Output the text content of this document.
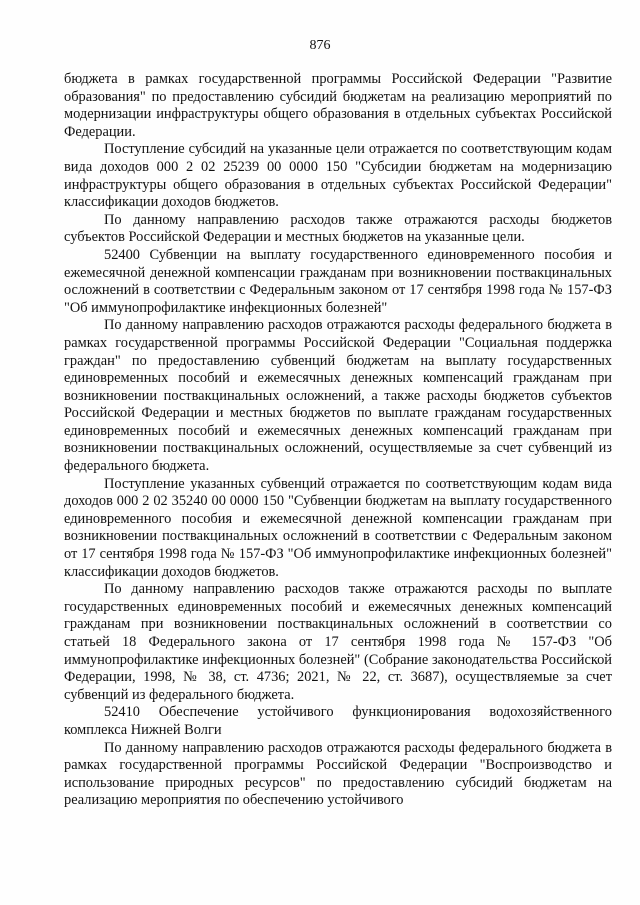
876

бюджета в рамках государственной программы Российской Федерации "Развитие образования" по предоставлению субсидий бюджетам на реализацию мероприятий по модернизации инфраструктуры общего образования в отдельных субъектах Российской Федерации.

Поступление субсидий на указанные цели отражается по соответствующим кодам вида доходов 000 2 02 25239 00 0000 150 "Субсидии бюджетам на модернизацию инфраструктуры общего образования в отдельных субъектах Российской Федерации" классификации доходов бюджетов.

По данному направлению расходов также отражаются расходы бюджетов субъектов Российской Федерации и местных бюджетов на указанные цели.

52400 Субвенции на выплату государственного единовременного пособия и ежемесячной денежной компенсации гражданам при возникновении поствакцинальных осложнений в соответствии с Федеральным законом от 17 сентября 1998 года № 157-ФЗ "Об иммунопрофилактике инфекционных болезней"

По данному направлению расходов отражаются расходы федерального бюджета в рамках государственной программы Российской Федерации "Социальная поддержка граждан" по предоставлению субвенций бюджетам на выплату государственных единовременных пособий и ежемесячных денежных компенсаций гражданам при возникновении поствакцинальных осложнений, а также расходы бюджетов субъектов Российской Федерации и местных бюджетов по выплате гражданам государственных единовременных пособий и ежемесячных денежных компенсаций гражданам при возникновении поствакцинальных осложнений, осуществляемые за счет субвенций из федерального бюджета.

Поступление указанных субвенций отражается по соответствующим кодам вида доходов 000 2 02 35240 00 0000 150 "Субвенции бюджетам на выплату государственного единовременного пособия и ежемесячной денежной компенсации гражданам при возникновении поствакцинальных осложнений в соответствии с Федеральным законом от 17 сентября 1998 года № 157-ФЗ "Об иммунопрофилактике инфекционных болезней" классификации доходов бюджетов.

По данному направлению расходов также отражаются расходы по выплате государственных единовременных пособий и ежемесячных денежных компенсаций гражданам при возникновении поствакцинальных осложнений в соответствии со статьей 18 Федерального закона от 17 сентября 1998 года № 157-ФЗ "Об иммунопрофилактике инфекционных болезней" (Собрание законодательства Российской Федерации, 1998, № 38, ст. 4736; 2021, № 22, ст. 3687), осуществляемые за счет субвенций из федерального бюджета.

52410 Обеспечение устойчивого функционирования водохозяйственного комплекса Нижней Волги

По данному направлению расходов отражаются расходы федерального бюджета в рамках государственной программы Российской Федерации "Воспроизводство и использование природных ресурсов" по предоставлению субсидий бюджетам на реализацию мероприятия по обеспечению устойчивого
